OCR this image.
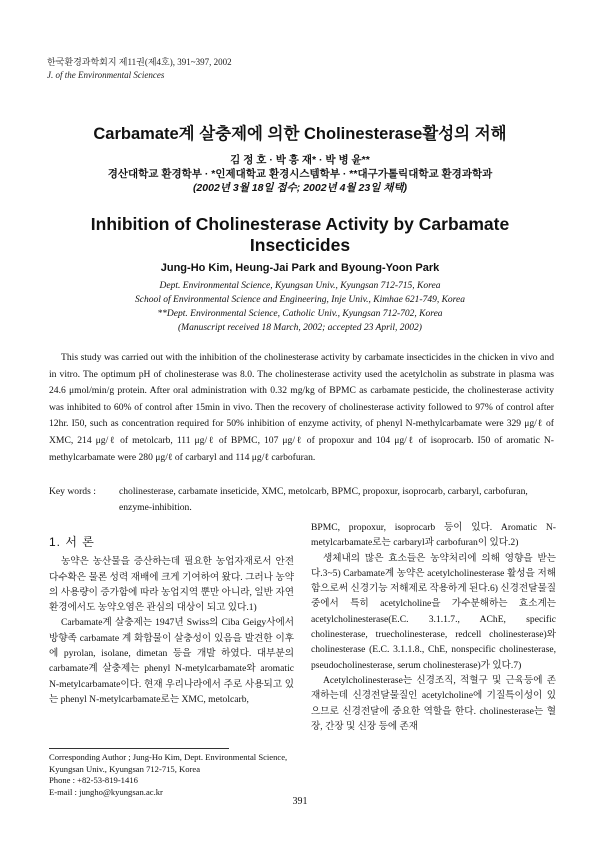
한국환경과학회지 제11권(제4호), 391~397, 2002
J. of the Environmental Sciences
Carbamate계 살충제에 의한 Cholinesterase활성의 저해
김 정 호 · 박 흥 재* · 박 병 윤**
경산대학교 환경학부 · *인제대학교 환경시스템학부 · **대구가톨릭대학교 환경과학과
(2002년 3월 18일 접수; 2002년 4월 23일 채택)
Inhibition of Cholinesterase Activity by Carbamate
Insecticides
Jung-Ho Kim, Heung-Jai Park and Byoung-Yoon Park
Dept. Environmental Science, Kyungsan Univ., Kyungsan 712-715, Korea
School of Environmental Science and Engineering, Inje Univ., Kimhae 621-749, Korea
**Dept. Environmental Science, Catholic Univ., Kyungsan 712-702, Korea
(Manuscript received 18 March, 2002; accepted 23 April, 2002)
This study was carried out with the inhibition of the cholinesterase activity by carbamate insecticides in the chicken in vivo and in vitro. The optimum pH of cholinesterase was 8.0. The cholinesterase activity used the acetylcholin as substrate in plasma was 24.6 μmol/min/g protein. After oral administration with 0.32 mg/kg of BPMC as carbamate pesticide, the cholinesterase activity was inhibited to 60% of control after 15min in vivo. Then the recovery of cholinesterase activity followed to 97% of control after 12hr. I50, such as concentration required for 50% inhibition of enzyme activity, of phenyl N-methylcarbamate were 329 μg/ℓ of XMC, 214 μg/ℓ of metolcarb, 111 μg/ℓ of BPMC, 107 μg/ℓ of propoxur and 104 μg/ℓ of isoprocarb. I50 of aromatic N-methylcarbamate were 280 μg/ℓ of carbaryl and 114 μg/ℓ carbofuran.
Key words :	cholinesterase, carbamate inseticide, XMC, metolcarb, BPMC, propoxur, isoprocarb, carbaryl, carbofuran, enzyme-inhibition.
1. 서 론

농약은 농산물을 증산하는데 필요한 농업자재로서 안전다수확은 물론 성력 재배에 크게 기여하여 왔다. 그러나 농약의 사용량이 증가함에 따라 농업지역 뿐만 아니라, 일반 자연환경에서도 농약오염은 관심의 대상이 되고 있다.1)

Carbamate계 살충제는 1947년 Swiss의 Ciba Geigy사에서 방향족 carbamate 계 화합물이 살충성이 있음을 발견한 이후에 pyrolan, isolane, dimetan 등을 개발 하였다. 대부분의 carbamate계 살충제는 phenyl N-metylcarbamate와 aromatic N-metylcarbamate이다. 현재 우리나라에서 주로 사용되고 있는 phenyl N-metylcarbamate로는 XMC, metolcarb,

BPMC, propoxur, isoprocarb 등이 있다. Aromatic N-metylcarbamate로는 carbaryl과 carbofuran이 있다.2)

생체내의 많은 효소들은 농약처리에 의해 영향을 받는다.3~5) Carbamate계 농약은 acetylcholinesterase 활성을 저해함으로써 신경기능 저해제로 작용하게 된다.6) 신경전달물질 중에서 특히 acetylcholine을 가수분해하는 효소계는 acetylcholinesterase(E.C. 3.1.1.7., AChE, specific cholinesterase, truecholinesterase, redcell cholinesterase)와 cholinesterase (E.C. 3.1.1.8., ChE, nonspecific cholinesterase, pseudocholinesterase, serum cholinesterase)가 있다.7)

Acetylcholinesterase는 신경조직, 적혈구 및 근육등에 존재하는데 신경전달물질인 acetylcholine에 기질특이성이 있으므로 신경전달에 중요한 역할을 한다. cholinesterase는 혈장, 간장 및 신장 등에 존재

Corresponding Author ; Jung-Ho Kim, Dept. Environmental Science, Kyungsan Univ., Kyungsan 712-715, Korea
Phone : +82-53-819-1416
E-mail : jungho@kyungsan.ac.kr
391
